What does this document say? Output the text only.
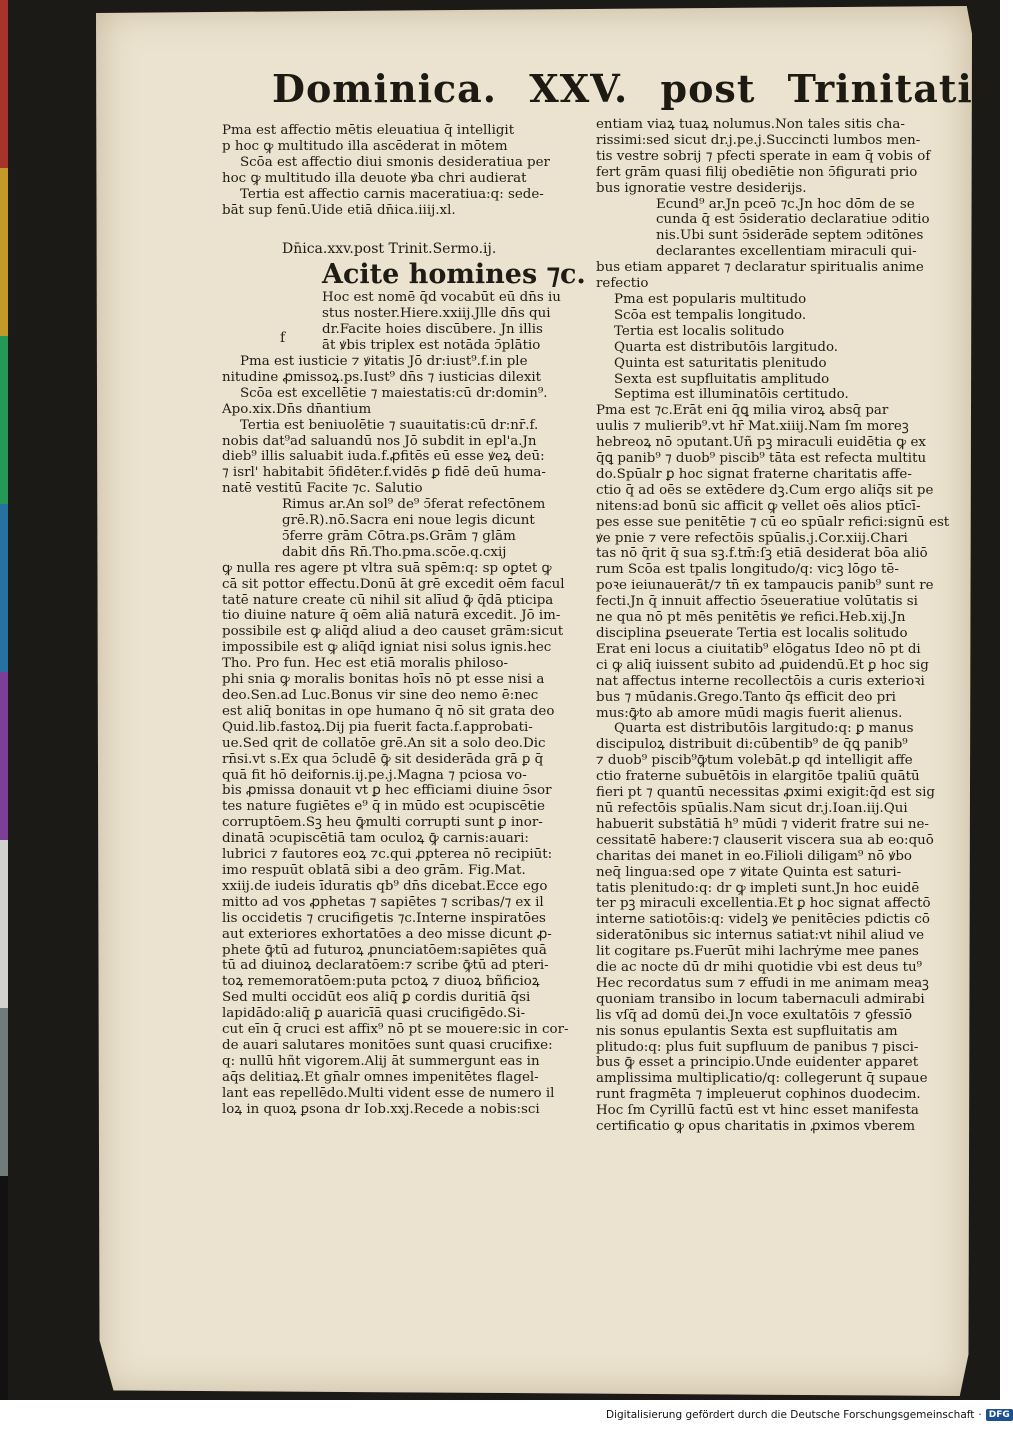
Dominica. XXV. post Trinitatis
f
Pma est affectio mētis eleuatiua q̄ intelligit
p hoc ꝙ multitudo illa ascēderat in mōtem
Scōa est affectio diui smonis desideratiua per
hoc ꝙ multitudo illa deuote ꝟba chri audierat
Tertia est affectio carnis maceratiua:q: sede-
bāt sup fenū.Uide etiā dn̄ica.iiij.xl.
Dn̄ica.xxv.post Trinit.Sermo.ij.
Acite homines ⁊c.
Hoc est nomē q̄d vocabūt eū dn̄s iu
stus noster.Hiere.xxiij.Jlle dn̄s qui
dr.Facite hoies discūbere. Jn illis
āt ꝟbis triplex est notāda ↄ̄plātio
Pma est iusticie ⁊ ꝟitatis Jō dr:iust⁹.f.in ple
nitudine ꝓmissoꝝ.ps.Iust⁹ dn̄s ⁊ iusticias dilexit
Scōa est excellētie ⁊ maiestatis:cū dr:domin⁹.
Apo.xix.Dn̄s dn̄antium
Tertia est beniuolētie ⁊ suauitatis:cū dr:nr̄.f.
nobis dat⁹ad saluandū nos Jō subdit in epl'a.Jn
dieb⁹ illis saluabit iuda.f.ꝓfitēs eū esse ꝟeꝝ deū:
⁊ isrl' habitabit ↄ̄fidēter.f.vidēs ꝑ fidē deū huma-
natē vestitū Facite ⁊c. Salutio
Rimus ar.An sol⁹ de⁹ ↄ̄ferat refectōnem
grē.R).nō.Sacra eni noue legis dicunt
ↄ̄ferre grām Cōtra.ps.Grām ⁊ glām
dabit dn̄s Rn̄.Tho.pma.scōe.q.cxij
ꝙ nulla res agere pt vltra suā spēm:q: sp oꝑtet ꝙ
cā sit pottor effectu.Donū āt grē excedit oēm facul
tatē nature create cū nihil sit alīud ꝙ̄ q̄dā pticipa
tio diuine nature q̄ oēm aliā naturā excedit. Jō im-
possibile est ꝙ aliq̄d aliud a deo causet grām:sicut
impossibile est ꝙ aliq̄d igniat nisi solus ignis.hec
Tho. Pro fun. Hec est etiā moralis philoso-
phi snia ꝙ moralis bonitas hoīs nō pt esse nisi a
deo.Sen.ad Luc.Bonus vir sine deo nemo ē:nec
est aliq̄ bonitas in ope humano q̄ nō sit grata deo
Quid.lib.fastoꝝ.Dij pia fuerit facta.f.approbati-
ue.Sed qrit de collatōe grē.An sit a solo deo.Dic
rn̄si.vt s.Ex qua ↄ̄cludē ꝙ̄ sit desiderāda grā ꝑ q̄
quā fit hō deifornis.ij.pe.j.Magna ⁊ pciosa vo-
bis ꝓmissa donauit vt ꝑ hec efficiami diuine ↄ̄sor
tes nature fugiētes e⁹ q̄ in mūdo est ↄcupiscētie
corruptōem.Sꝫ heu ꝙ̄multi corrupti sunt ꝑ inor-
dinatā ↄcupiscētiā tam oculoꝝ ꝙ̄ carnis:auari:
lubrici ⁊ fautores eoꝝ ⁊c.qui ꝓpterea nō recipiūt:
imo respuūt oblatā sibi a deo grām. Fig.Mat.
xxiij.de iudeis īduratis qb⁹ dn̄s dicebat.Ecce ego
mitto ad vos ꝓphetas ⁊ sapiētes ⁊ scribas/⁊ ex il
lis occidetis ⁊ crucifigetis ⁊c.Interne inspiratōes
aut exteriores exhortatōes a deo misse dicunt ꝓ-
phete ꝙ̄tū ad futuroꝝ ꝓnunciatōem:sapiētes quā
tū ad diuinoꝝ declaratōem:⁊ scribe ꝙ̄tū ad pteri-
toꝝ rememoratōem:puta pctoꝝ ⁊ diuoꝝ bñficioꝝ
Sed multi occidūt eos aliq̄ ꝑ cordis duritiā q̄si
lapidādo:aliq̄ ꝑ auaricīā quasi crucifigēdo.Si-
cut eīn q̄ cruci est affix⁹ nō pt se mouere:sic in cor-
de auari salutares monitōes sunt quasi crucifixe:
q: nullū hñt vigorem.Alij āt summergunt eas in
aq̄s delitiaꝝ.Et gn̄alr omnes impenitētes flagel-
lant eas repellēdo.Multi vident esse de numero il
loꝝ in quoꝝ ꝑsona dr Iob.xxj.Recede a nobis:sci
entiam viaꝝ tuaꝝ nolumus.Non tales sitis cha-
rissimi:sed sicut dr.j.pe.j.Succincti lumbos men-
tis vestre sobrij ⁊ pfecti sperate in eam q̄ vobis of
fert grām quasi filij obediētie non ↄ̄figurati prio
bus ignoratie vestre desiderijs.
Ecund⁹ ar.Jn pceō ⁊c.Jn hoc dōm de se
cunda q̄ est ↄ̄sideratio declaratiue ↄditio
nis.Ubi sunt ↄ̄siderāde septem ↄditōnes
declarantes excellentiam miraculi qui-
bus etiam apparet ⁊ declaratur spiritualis anime
refectio
Pma est popularis multitudo
Scōa est tempalis longitudo.
Tertia est localis solitudo
Quarta est distributōis largitudo.
Quinta est saturitatis plenitudo
Sexta est supfluitatis amplitudo
Septima est illuminatōis certitudo.
Pma est ⁊c.Erāt eni q̄ꝗ milia viroꝝ absq̄ par
uulis ⁊ mulierib⁹.vt hr̄ Mat.xiiij.Nam ſm moreꝫ
hebreoꝝ nō ↄputant.Uñ pꝫ miraculi euidētia ꝙ ex
q̄ꝗ panib⁹ ⁊ duob⁹ piscib⁹ tāta est refecta multitu
do.Spūalr ꝑ hoc signat fraterne charitatis affe-
ctio q̄ ad oēs se extēdere dꝫ.Cum ergo aliq̄s sit pe
nitens:ad bonū sic afficit ꝙ vellet oēs alios ptīcī-
pes esse sue penitētie ⁊ cū eo spūalr refici:signū est
ꝟe pnie ⁊ vere refectōis spūalis.j.Cor.xiij.Chari
tas nō q̄rit q̄ sua sꝫ.f.tm̄:ſꝫ etiā desiderat bōa aliō
rum Scōa est tpalis longitudo/q: vicꝫ lōgo tē-
poꝛe ieiunauerāt/⁊ tn̄ ex tampaucis panib⁹ sunt re
fecti.Jn q̄ innuit affectio ↄ̄seueratiue volūtatis si
ne qua nō pt mēs penitētis ꝟe refici.Heb.xij.Jn
disciplina ꝑseuerate Tertia est localis solitudo
Erat eni locus a ciuitatib⁹ elōgatus Ideo nō pt di
ci ꝙ aliq̄ iuissent subito ad ꝓuidendū.Et ꝑ hoc sig
nat affectus interne recollectōis a curis exterioꝛi
bus ⁊ mūdanis.Grego.Tanto q̄s efficit deo pri
mus:ꝙ̄to ab amore mūdi magis fuerit alienus.
Quarta est distributōis largitudo:q: ꝑ manus
discipuloꝝ distribuit di:cūbentib⁹ de q̄ꝗ panib⁹
⁊ duob⁹ piscib⁹ꝙ̄tum volebāt.ꝑ qd intelligit affe
ctio fraterne subuētōis in elargitōe tpaliū quātū
fieri pt ⁊ quantū necessitas ꝓximi exigit:q̄d est sig
nū refectōis spūalis.Nam sicut dr.j.Ioan.iij.Qui
habuerit substātiā h⁹ mūdi ⁊ viderit fratre sui ne-
cessitatē habere:⁊ clauserit viscera sua ab eo:quō
charitas dei manet in eo.Filioli diligam⁹ nō ꝟbo
neq̄ lingua:sed ope ⁊ ꝟitate Quinta est saturi-
tatis plenitudo:q: dr ꝙ impleti sunt.Jn hoc euidē
ter pꝫ miraculi excellentia.Et ꝑ hoc signat affectō
interne satiotōis:q: videlꝫ ꝟe penitēcies pdictis cō
sideratōnibus sic internus satiat:vt nihil aliud ve
lit cogitare ps.Fuerūt mihi lachrẏme mee panes
die ac nocte dū dr mihi quotidie vbi est deus tu⁹
Hec recordatus sum ⁊ effudi in me animam meaꝫ
quoniam transibo in locum tabernaculi admirabi
lis vſq̄ ad domū dei.Jn voce exultatōis ⁊ ꝯfessīō
nis sonus epulantis Sexta est supfluitatis am
plitudo:q: plus fuit supfluum de panibus ⁊ pisci-
bus ꝙ̄ esset a principio.Unde euidenter apparet
amplissima multiplicatio/q: collegerunt q̄ supaue
runt fragmēta ⁊ impleuerut cophinos duodecim.
Hoc ſm Cyrillū factū est vt hinc esset manifesta
certificatio ꝙ opus charitatis in ꝓximos vberem
Digitalisierung gefördert durch die Deutsche Forschungsgemeinschaft · DFG
